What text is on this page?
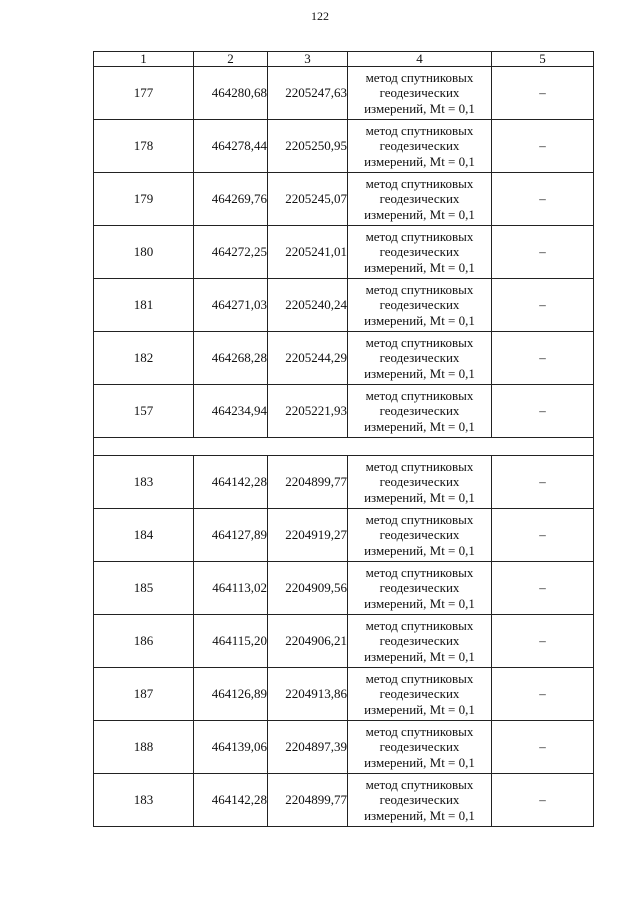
122
1	2	3	4	5
177	464280,68	2205247,63	метод спутниковых
геодезических
измерений, Mt = 0,1	–
178	464278,44	2205250,95	метод спутниковых
геодезических
измерений, Mt = 0,1	–
179	464269,76	2205245,07	метод спутниковых
геодезических
измерений, Mt = 0,1	–
180	464272,25	2205241,01	метод спутниковых
геодезических
измерений, Mt = 0,1	–
181	464271,03	2205240,24	метод спутниковых
геодезических
измерений, Mt = 0,1	–
182	464268,28	2205244,29	метод спутниковых
геодезических
измерений, Mt = 0,1	–
157	464234,94	2205221,93	метод спутниковых
геодезических
измерений, Mt = 0,1	–

183	464142,28	2204899,77	метод спутниковых
геодезических
измерений, Mt = 0,1	–
184	464127,89	2204919,27	метод спутниковых
геодезических
измерений, Mt = 0,1	–
185	464113,02	2204909,56	метод спутниковых
геодезических
измерений, Mt = 0,1	–
186	464115,20	2204906,21	метод спутниковых
геодезических
измерений, Mt = 0,1	–
187	464126,89	2204913,86	метод спутниковых
геодезических
измерений, Mt = 0,1	–
188	464139,06	2204897,39	метод спутниковых
геодезических
измерений, Mt = 0,1	–
183	464142,28	2204899,77	метод спутниковых
геодезических
измерений, Mt = 0,1	–
